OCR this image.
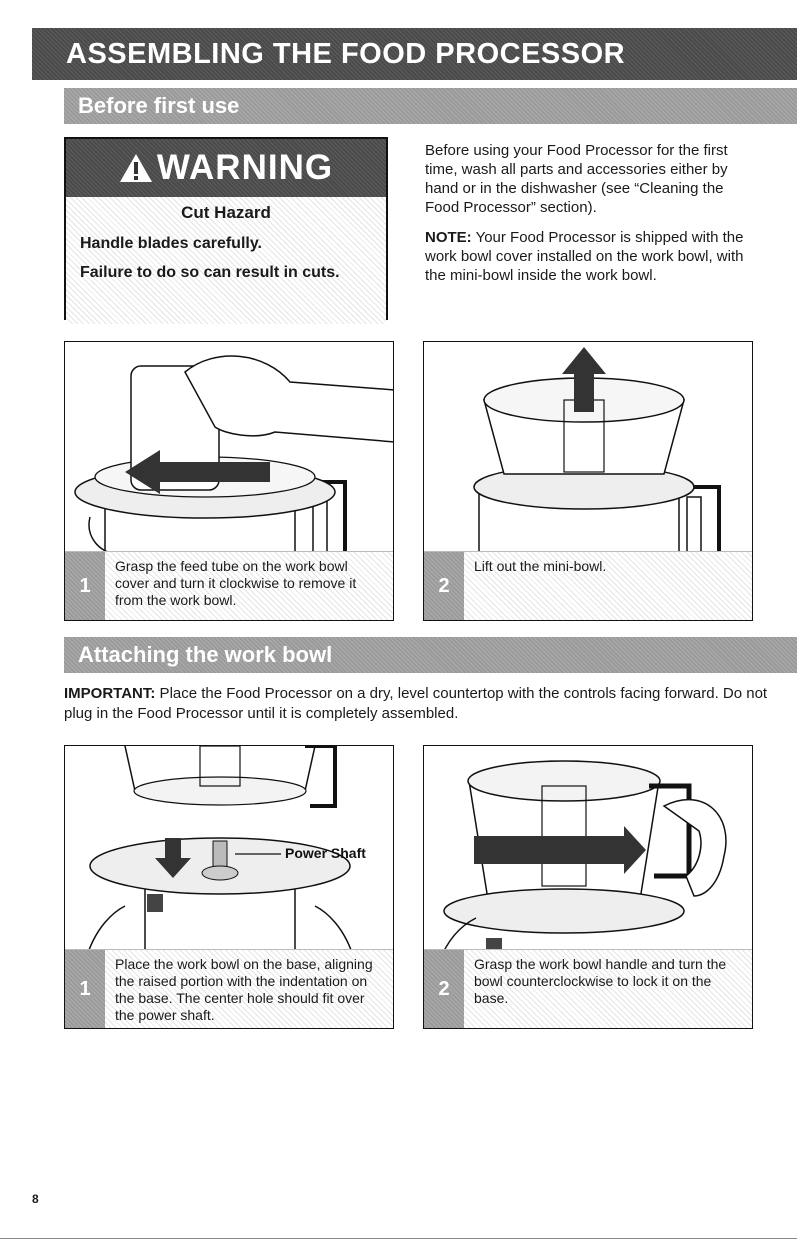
ASSEMBLING THE FOOD PROCESSOR
Before first use
WARNING

Cut Hazard

Handle blades carefully.

Failure to do so can result in cuts.

Before using your Food Processor for the first time, wash all parts and accessories either by hand or in the dishwasher (see “Cleaning the Food Processor” section).

NOTE: Your Food Processor is shipped with the work bowl cover installed on the work bowl, with the mini-bowl inside the work bowl.

1
Grasp the feed tube on the work bowl cover and turn it clockwise to remove it from the work bowl.
2
Lift out the mini-bowl.
Attaching the work bowl
IMPORTANT: Place the Food Processor on a dry, level countertop with the controls facing forward. Do not plug in the Food Processor until it is completely assembled.
Power Shaft
1
Place the work bowl on the base, aligning the raised portion with the indentation on the base. The center hole should fit over the power shaft.
2
Grasp the work bowl handle and turn the bowl counterclockwise to lock it on the base.
8
